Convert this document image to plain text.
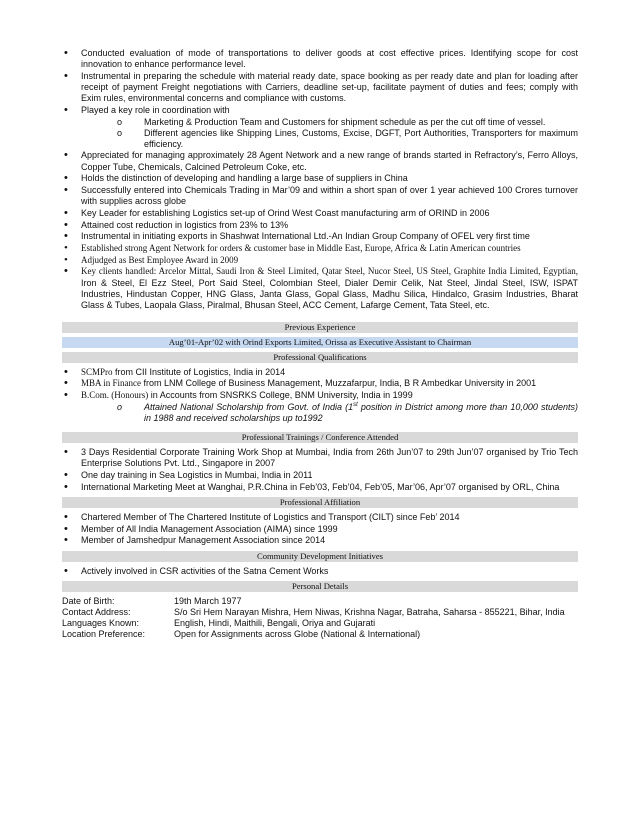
• Conducted evaluation of mode of transportations to deliver goods at cost effective prices. Identifying scope for cost innovation to enhance performance level.
• Instrumental in preparing the schedule with material ready date, space booking as per ready date and plan for loading after receipt of payment Freight negotiations with Carriers, deadline set-up, facilitate payment of duties and fees; comply with Exim rules, environmental concerns and compliance with customs.
• Played a key role in coordination with
o Marketing & Production Team and Customers for shipment schedule as per the cut off time of vessel.
o Different agencies like Shipping Lines, Customs, Excise, DGFT, Port Authorities, Transporters for maximum efficiency.
• Appreciated for managing approximately 28 Agent Network and a new range of brands started in Refractory’s, Ferro Alloys, Copper Tube, Chemicals, Calcined Petroleum Coke, etc.
• Holds the distinction of developing and handling a large base of suppliers in China
• Successfully entered into Chemicals Trading in Mar’09 and within a short span of over 1 year achieved 100 Crores turnover with supplies across globe
• Key Leader for establishing Logistics set-up of Orind West Coast manufacturing arm of ORIND in 2006
• Attained cost reduction in logistics from 23% to 13%
• Instrumental in initiating exports in Shashwat International Ltd.-An Indian Group Company of OFEL very first time
• Established strong Agent Network for orders & customer base in Middle East, Europe, Africa & Latin American countries
• Adjudged as Best Employee Award in 2009
• Key clients handled: Arcelor Mittal, Saudi Iron & Steel Limited, Qatar Steel, Nucor Steel, US Steel, Graphite India Limited, Egyptian, Iron & Steel, El Ezz Steel, Port Said Steel, Colombian Steel, Dialer Demir Celik, Nat Steel, Jindal Steel, ISW, ISPAT Industries, Hindustan Copper, HNG Glass, Janta Glass, Gopal Glass, Madhu Silica, Hindalco, Grasim Industries, Bharat Glass & Tubes, Laopala Glass, Piralmal, Bhusan Steel, ACC Cement, Lafarge Cement, Tata Steel, etc.
Previous Experience
Aug’01-Apr’02 with Orind Exports Limited, Orissa as Executive Assistant to Chairman
Professional Qualifications
• SCMPro from CII Institute of Logistics, India in 2014
• MBA in Finance from LNM College of Business Management, Muzzafarpur, India, B R Ambedkar University in 2001
• B.Com. (Honours) in Accounts from SNSRKS College, BNM University, India in 1999
o Attained National Scholarship from Govt. of India (1st position in District among more than 10,000 students) in 1988 and received scholarships up to1992
Professional Trainings / Conference Attended
• 3 Days Residential Corporate Training Work Shop at Mumbai, India from 26th Jun’07 to 29th Jun’07 organised by Trio Tech Enterprise Solutions Pvt. Ltd., Singapore in 2007
• One day training in Sea Logistics in Mumbai, India in 2011
• International Marketing Meet at Wanghai, P.R.China in Feb’03, Feb’04, Feb’05, Mar’06, Apr’07 organised by ORL, China
Professional Affiliation
• Chartered Member of The Chartered Institute of Logistics and Transport (CILT) since Feb’ 2014
• Member of All India Management Association (AIMA) since 1999
• Member of Jamshedpur Management Association since 2014
Community Development Initiatives
• Actively involved in CSR activities of the Satna Cement Works
Personal Details
Date of Birth:	19th March 1977
Contact Address:	S/o Sri Hem Narayan Mishra, Hem Niwas, Krishna Nagar, Batraha, Saharsa - 855221, Bihar, India
Languages Known:	English, Hindi, Maithili, Bengali, Oriya and Gujarati
Location Preference:	Open for Assignments across Globe (National & International)
